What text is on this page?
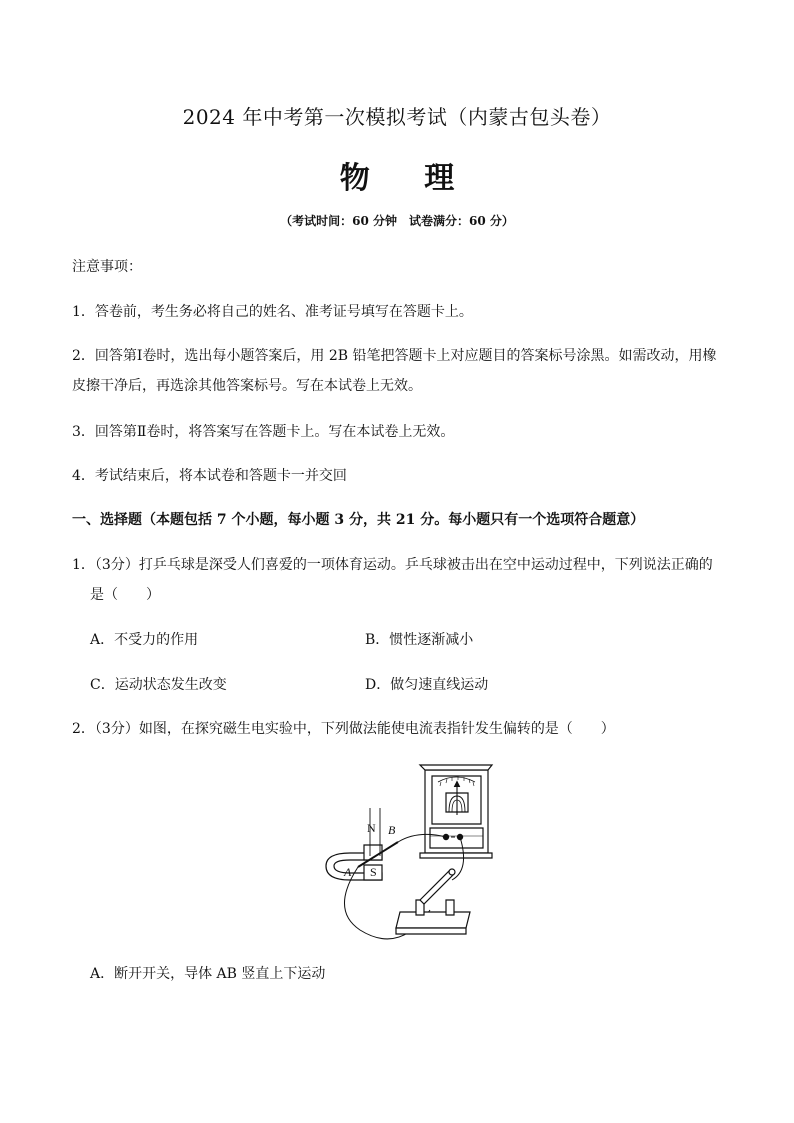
2024 年中考第一次模拟考试（内蒙古包头卷）
物 理
（考试时间：60 分钟　试卷满分：60 分）
注意事项：
1．答卷前，考生务必将自己的姓名、准考证号填写在答题卡上。
2．回答第Ⅰ卷时，选出每小题答案后，用 2B 铅笔把答题卡上对应题目的答案标号涂黑。如需改动，用橡
皮擦干净后，再选涂其他答案标号。写在本试卷上无效。
3．回答第Ⅱ卷时，将答案写在答题卡上。写在本试卷上无效。
4．考试结束后，将本试卷和答题卡一并交回
一、选择题（本题包括 7 个小题，每小题 3 分，共 21 分。每小题只有一个选项符合题意）
1．（3分）打乒乓球是深受人们喜爱的一项体育运动。乒乓球被击出在空中运动过程中，下列说法正确的
是（　　）
A．不受力的作用	B．惯性逐渐减小
C．运动状态发生改变	D．做匀速直线运动
2．（3分）如图，在探究磁生电实验中，下列做法能使电流表指针发生偏转的是（　　）
N B
A S
A．断开开关，导体 AB 竖直上下运动
